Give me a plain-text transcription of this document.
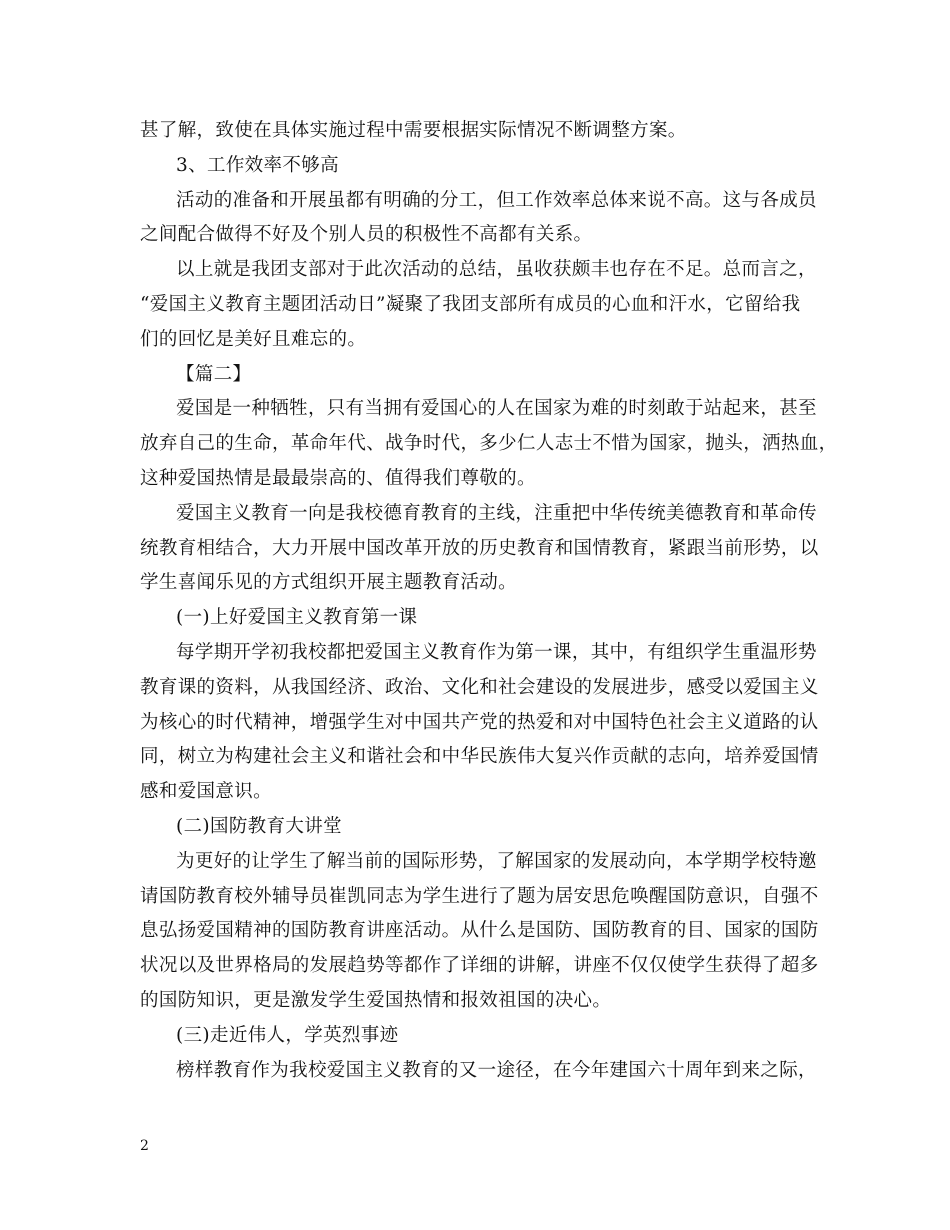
甚了解，致使在具体实施过程中需要根据实际情况不断调整方案。
3、工作效率不够高
活动的准备和开展虽都有明确的分工，但工作效率总体来说不高。这与各成员
之间配合做得不好及个别人员的积极性不高都有关系。
以上就是我团支部对于此次活动的总结，虽收获颇丰也存在不足。总而言之，
“爱国主义教育主题团活动日”凝聚了我团支部所有成员的心血和汗水，它留给我
们的回忆是美好且难忘的。
【篇二】
爱国是一种牺牲，只有当拥有爱国心的人在国家为难的时刻敢于站起来，甚至
放弃自己的生命，革命年代、战争时代，多少仁人志士不惜为国家，抛头，洒热血，
这种爱国热情是最最崇高的、值得我们尊敬的。
爱国主义教育一向是我校德育教育的主线，注重把中华传统美德教育和革命传
统教育相结合，大力开展中国改革开放的历史教育和国情教育，紧跟当前形势，以
学生喜闻乐见的方式组织开展主题教育活动。
(一)上好爱国主义教育第一课
每学期开学初我校都把爱国主义教育作为第一课，其中，有组织学生重温形势
教育课的资料，从我国经济、政治、文化和社会建设的发展进步，感受以爱国主义
为核心的时代精神，增强学生对中国共产党的热爱和对中国特色社会主义道路的认
同，树立为构建社会主义和谐社会和中华民族伟大复兴作贡献的志向，培养爱国情
感和爱国意识。
(二)国防教育大讲堂
为更好的让学生了解当前的国际形势，了解国家的发展动向，本学期学校特邀
请国防教育校外辅导员崔凯同志为学生进行了题为居安思危唤醒国防意识，自强不
息弘扬爱国精神的国防教育讲座活动。从什么是国防、国防教育的目、国家的国防
状况以及世界格局的发展趋势等都作了详细的讲解，讲座不仅仅使学生获得了超多
的国防知识，更是激发学生爱国热情和报效祖国的决心。
(三)走近伟人，学英烈事迹
榜样教育作为我校爱国主义教育的又一途径，在今年建国六十周年到来之际，
2
